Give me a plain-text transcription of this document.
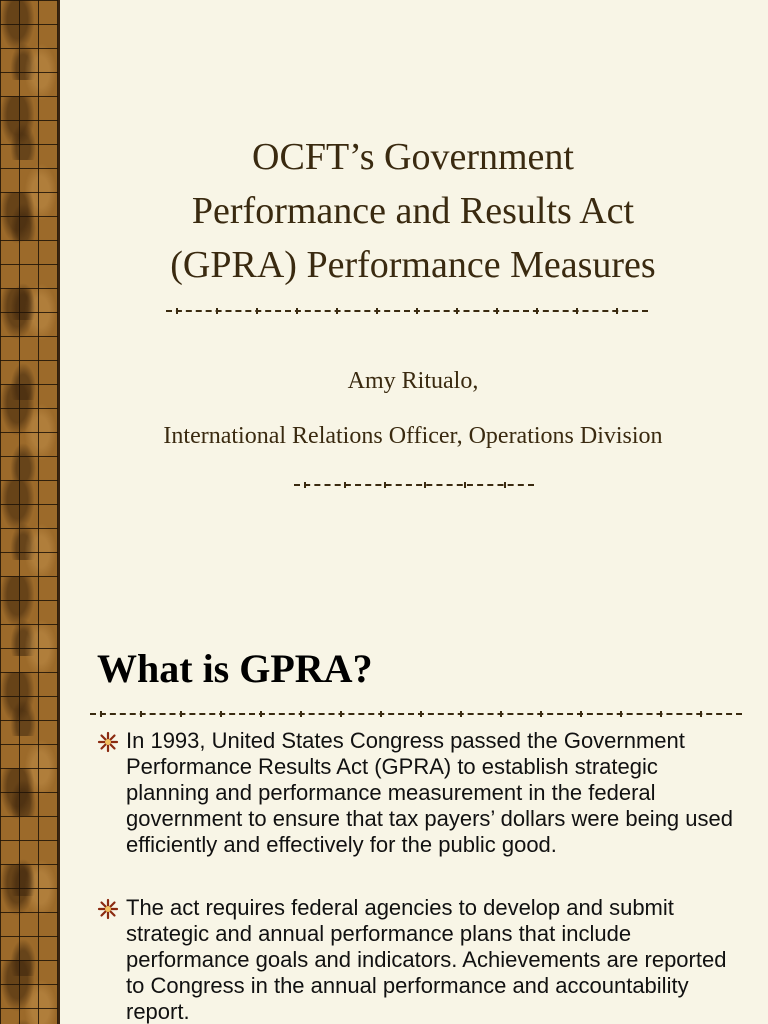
OCFT’s Government
Performance and Results Act
(GPRA) Performance Measures
Amy Ritualo,
International Relations Officer, Operations Division
What is GPRA?
In 1993, United States Congress passed the Government Performance Results Act (GPRA) to establish strategic planning and performance measurement in the federal government to ensure that tax payers’ dollars were being used efficiently and effectively for the public good.
The act requires federal agencies to develop and submit strategic and annual performance plans that include performance goals and indicators. Achievements are reported to Congress in the annual performance and accountability report.
